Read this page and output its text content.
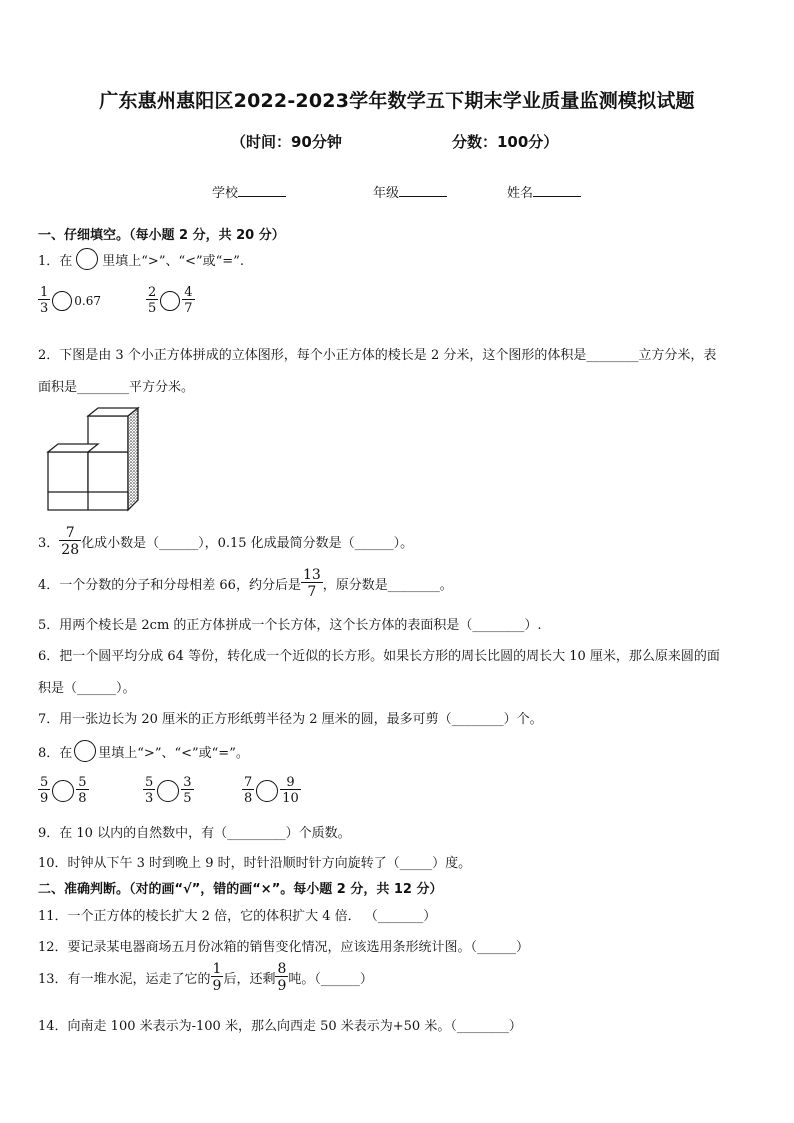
广东惠州惠阳区2022-2023学年数学五下期末学业质量监测模拟试题
（时间：90分钟	分数：100分）
学校	年级	姓名
一、仔细填空。（每小题 2 分，共 20 分）
1．在 里填上“>”、“<”或“=”.
$\frac{1}{3} 0.67$	$\frac{2}{5} \frac{4}{7}$
2．下图是由 3 个小正方体拼成的立体图形，每个小正方体的棱长是 2 分米，这个图形的体积是________立方分米，表
面积是________平方分米。
3． $\frac{7}{28}$ 化成小数是（______），0.15 化成最简分数是（______）。
4．一个分数的分子和分母相差 66，约分后是 $\frac{13}{7}$ ，原分数是________。
5．用两个棱长是 2cm 的正方体拼成一个长方体，这个长方体的表面积是（________）.
6．把一个圆平均分成 64 等份，转化成一个近似的长方形。如果长方形的周长比圆的周长大 10 厘米，那么原来圆的面
积是（______）。
7．用一张边长为 20 厘米的正方形纸剪半径为 2 厘米的圆，最多可剪（________）个。
8．在 里填上“>”、“<”或“=”。
$\frac{5}{9} \frac{5}{8}$	$\frac{5}{3} \frac{3}{5}$	$\frac{7}{8} \frac{9}{10}$
9．在 10 以内的自然数中，有（_________）个质数。
10．时钟从下午 3 时到晚上 9 时，时针沿顺时针方向旋转了（_____）度。
二、准确判断。（对的画“√”，错的画“×”。每小题 2 分，共 12 分）
11．一个正方体的棱长扩大 2 倍，它的体积扩大 4 倍． （_______）
12．要记录某电器商场五月份冰箱的销售变化情况，应该选用条形统计图。（______）
13．有一堆水泥，运走了它的 $\frac{1}{9}$ 后，还剩 $\frac{8}{9}$ 吨。（______）
14．向南走 100 米表示为-100 米，那么向西走 50 米表示为+50 米。（________）
